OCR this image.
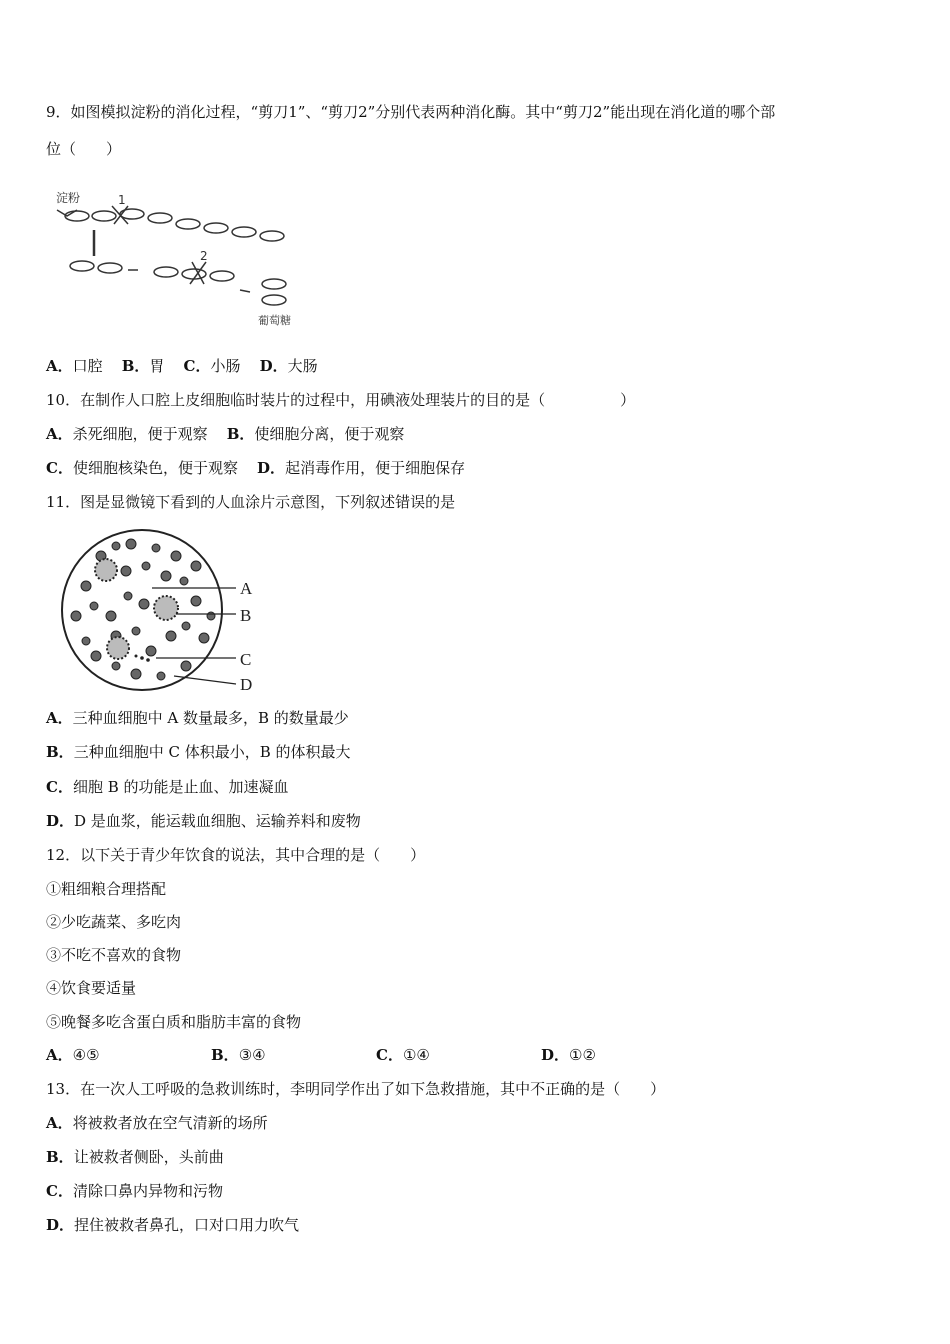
9．如图模拟淀粉的消化过程，“剪刀1”、“剪刀2”分别代表两种消化酶。其中“剪刀2”能出现在消化道的哪个部
位（　　）
淀粉	1
2
葡萄糖
A．口腔 B．胃 C．小肠 D．大肠
10．在制作人口腔上皮细胞临时装片的过程中，用碘液处理装片的目的是（　　　　　）
A．杀死细胞，便于观察 B．使细胞分离，便于观察
C．使细胞核染色，便于观察 D．起消毒作用，便于细胞保存
11．图是显微镜下看到的人血涂片示意图，下列叙述错误的是
A
B
C
D
A．三种血细胞中 A 数量最多，B 的数量最少
B．三种血细胞中 C 体积最小，B 的体积最大
C．细胞 B 的功能是止血、加速凝血
D．D 是血浆，能运载血细胞、运输养料和废物
12．以下关于青少年饮食的说法，其中合理的是（　　）
①粗细粮合理搭配
②少吃蔬菜、多吃肉
③不吃不喜欢的食物
④饮食要适量
⑤晚餐多吃含蛋白质和脂肪丰富的食物
A．④⑤	B．③④	C．①④	D．①②
13．在一次人工呼吸的急救训练时，李明同学作出了如下急救措施，其中不正确的是（　　）
A．将被救者放在空气清新的场所
B．让被救者侧卧，头前曲
C．清除口鼻内异物和污物
D．捏住被救者鼻孔，口对口用力吹气
